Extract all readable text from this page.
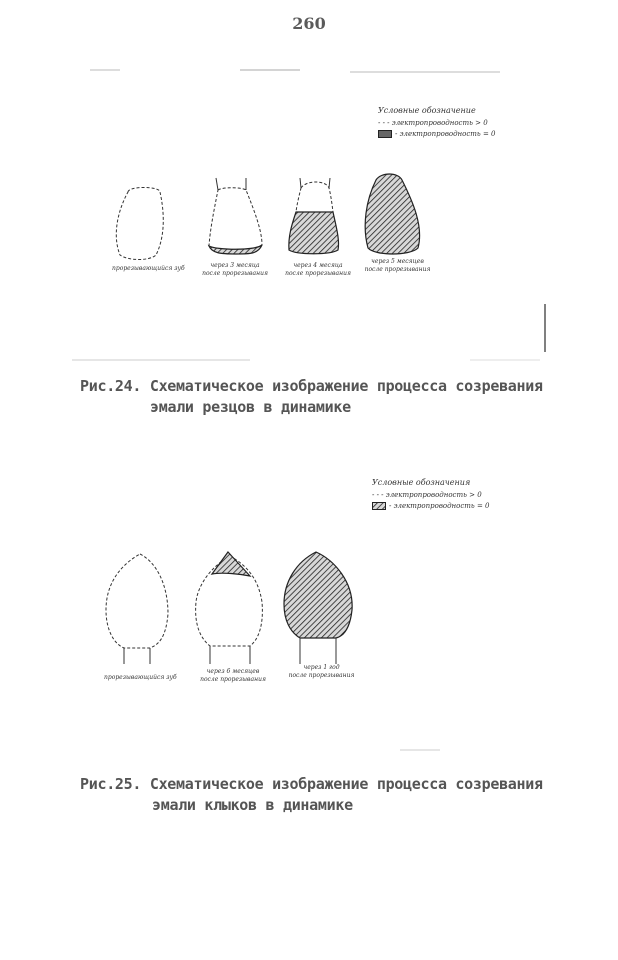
260
Условные обозначение
- - - электропроводность > 0
- электропроводность = 0
прорезывающийся зуб	через 3 месяца
после прорезывания
через 4 месяца
после прорезывания
через 5 месяцев
после прорезывания
Рис.24. Схематическое изображение процесса созревания
эмали резцов в динамике
Условные обозначения
- - - электропроводность > 0
- электропроводность = 0
прорезывающийся зуб
через 6 месяцев
после прорезывания
через 1 год
после прорезывания
Рис.25. Схематическое изображение процесса созревания
эмали клыков в динамике
